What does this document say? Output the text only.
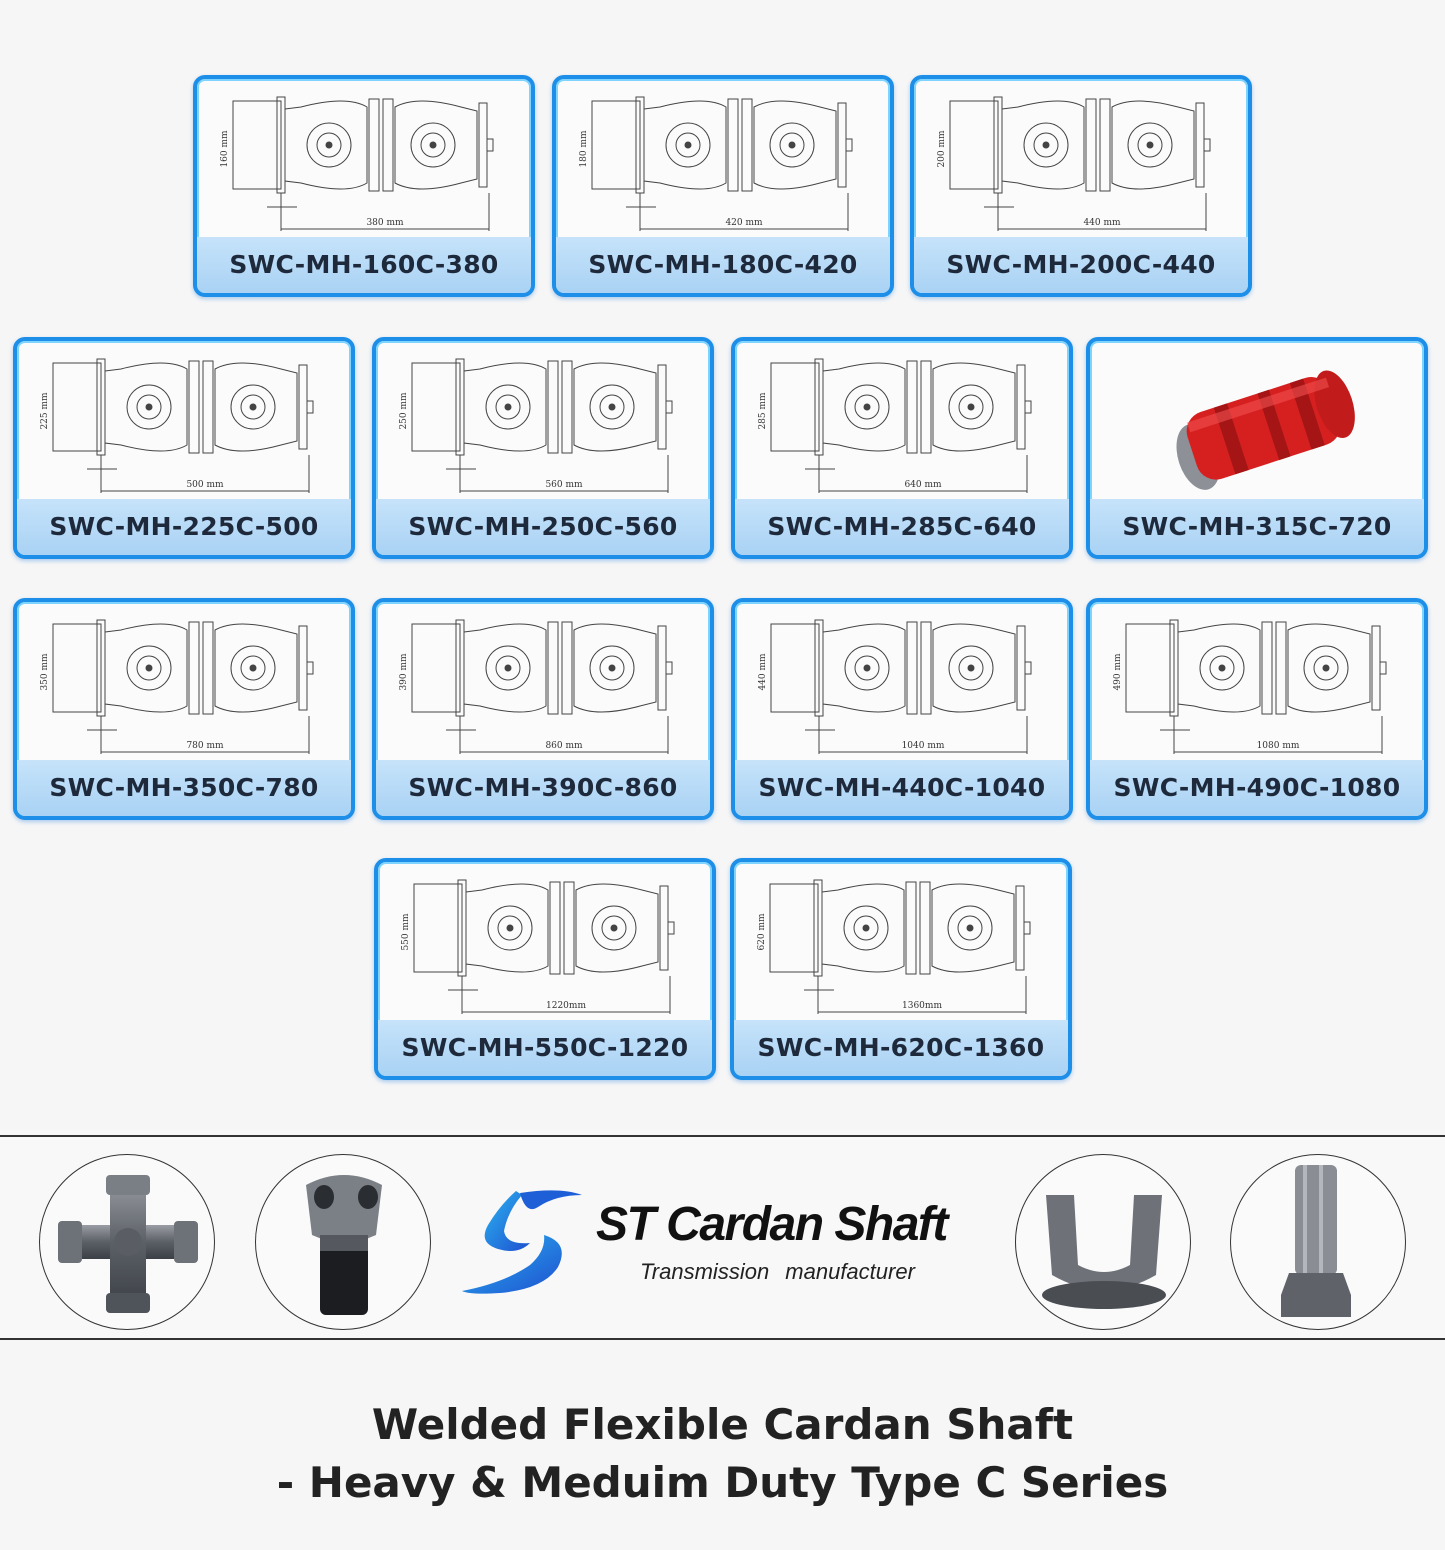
160 mm
380 mm
SWC-MH-160C-380
180 mm
420 mm
SWC-MH-180C-420
200 mm
440 mm
SWC-MH-200C-440
225 mm
500 mm
SWC-MH-225C-500
250 mm
560 mm
SWC-MH-250C-560
285 mm
640 mm
SWC-MH-285C-640	SWC-MH-315C-720
350 mm
780 mm
SWC-MH-350C-780
390 mm
860 mm
SWC-MH-390C-860
440 mm
1040 mm
SWC-MH-440C-1040
490 mm
1080 mm
SWC-MH-490C-1080
550 mm
1220mm
SWC-MH-550C-1220
620 mm
1360mm
SWC-MH-620C-1360
ST Cardan Shaft
Transmission manufacturer
Welded Flexible Cardan Shaft
- Heavy & Meduim Duty Type C Series
